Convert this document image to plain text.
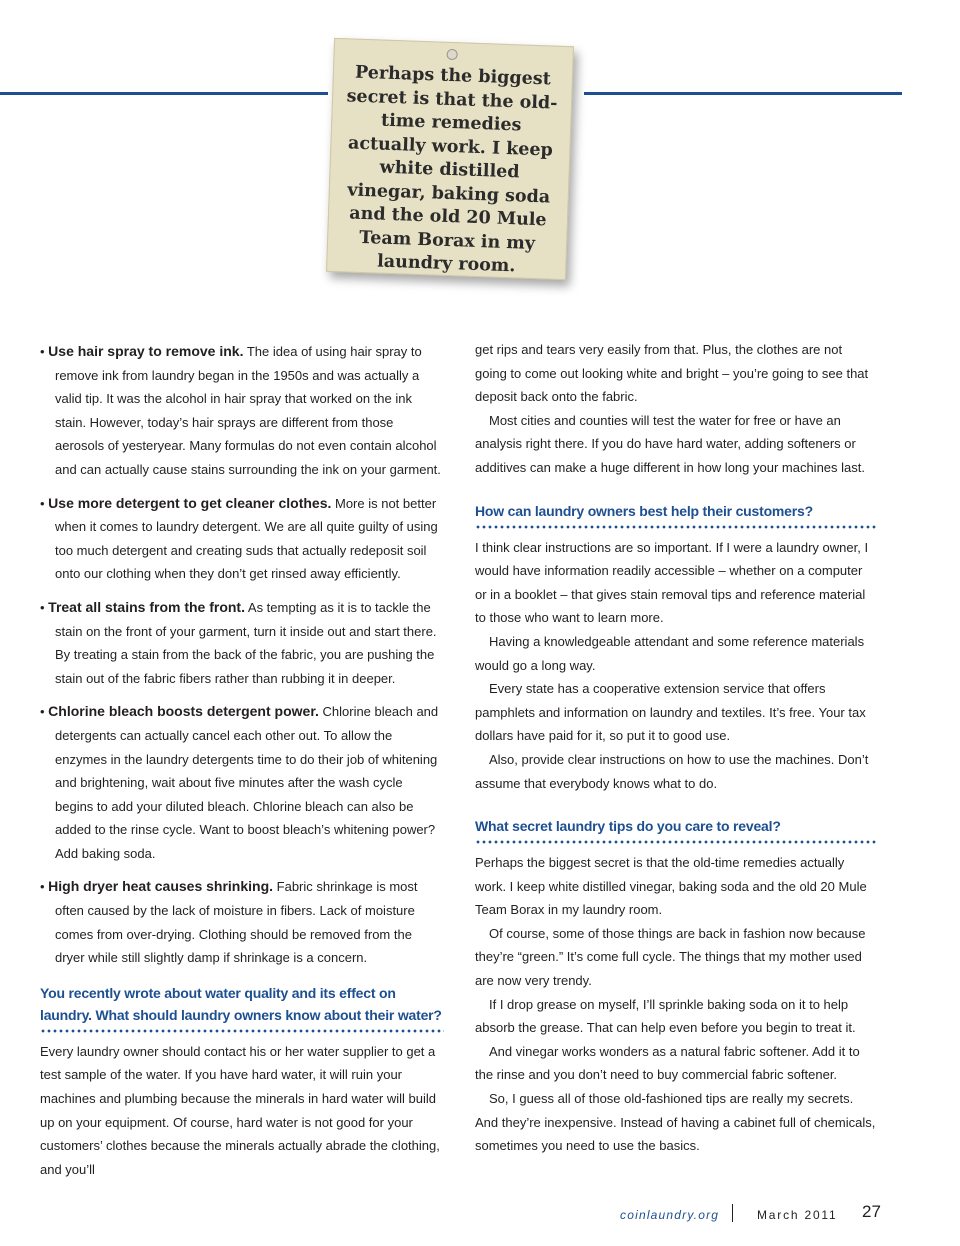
Perhaps the biggest secret is that the old-time remedies actually work. I keep white distilled vinegar, baking soda and the old 20 Mule Team Borax in my laundry room.

• Use hair spray to remove ink. The idea of using hair spray to remove ink from laundry began in the 1950s and was actually a valid tip. It was the alcohol in hair spray that worked on the ink stain. However, today’s hair sprays are different from those aerosols of yesteryear. Many formulas do not even contain alcohol and can actually cause stains surrounding the ink on your garment.

• Use more detergent to get cleaner clothes. More is not better when it comes to laundry detergent. We are all quite guilty of using too much detergent and creating suds that actually redeposit soil onto our clothing when they don’t get rinsed away efficiently.

• Treat all stains from the front. As tempting as it is to tackle the stain on the front of your garment, turn it inside out and start there. By treating a stain from the back of the fabric, you are pushing the stain out of the fabric fibers rather than rubbing it in deeper.

• Chlorine bleach boosts detergent power. Chlorine bleach and detergents can actually cancel each other out. To allow the enzymes in the laundry detergents time to do their job of whitening and brightening, wait about five minutes after the wash cycle begins to add your diluted bleach. Chlorine bleach can also be added to the rinse cycle. Want to boost bleach’s whitening power? Add baking soda.

• High dryer heat causes shrinking. Fabric shrinkage is most often caused by the lack of moisture in fibers. Lack of moisture comes from over-drying. Clothing should be removed from the dryer while still slightly damp if shrinkage is a concern.

You recently wrote about water quality and its effect on laundry. What should laundry owners know about their water?

Every laundry owner should contact his or her water supplier to get a test sample of the water. If you have hard water, it will ruin your machines and plumbing because the minerals in hard water will build up on your equipment. Of course, hard water is not good for your customers’ clothes because the minerals actually abrade the clothing, and you’ll

get rips and tears very easily from that. Plus, the clothes are not going to come out looking white and bright – you’re going to see that deposit back onto the fabric.

Most cities and counties will test the water for free or have an analysis right there. If you do have hard water, adding softeners or additives can make a huge different in how long your machines last.

How can laundry owners best help their customers?

I think clear instructions are so important. If I were a laundry owner, I would have information readily accessible – whether on a computer or in a booklet – that gives stain removal tips and reference material to those who want to learn more.

Having a knowledgeable attendant and some reference materials would go a long way.

Every state has a cooperative extension service that offers pamphlets and information on laundry and textiles. It’s free. Your tax dollars have paid for it, so put it to good use.

Also, provide clear instructions on how to use the machines. Don’t assume that everybody knows what to do.

What secret laundry tips do you care to reveal?

Perhaps the biggest secret is that the old-time remedies actually work. I keep white distilled vinegar, baking soda and the old 20 Mule Team Borax in my laundry room.

Of course, some of those things are back in fashion now because they’re “green.” It’s come full cycle. The things that my mother used are now very trendy.

If I drop grease on myself, I’ll sprinkle baking soda on it to help absorb the grease. That can help even before you begin to treat it.

And vinegar works wonders as a natural fabric softener. Add it to the rinse and you don’t need to buy commercial fabric softener.

So, I guess all of those old-fashioned tips are really my secrets. And they’re inexpensive. Instead of having a cabinet full of chemicals, sometimes you need to use the basics.

coinlaundry.org	March 2011 27
